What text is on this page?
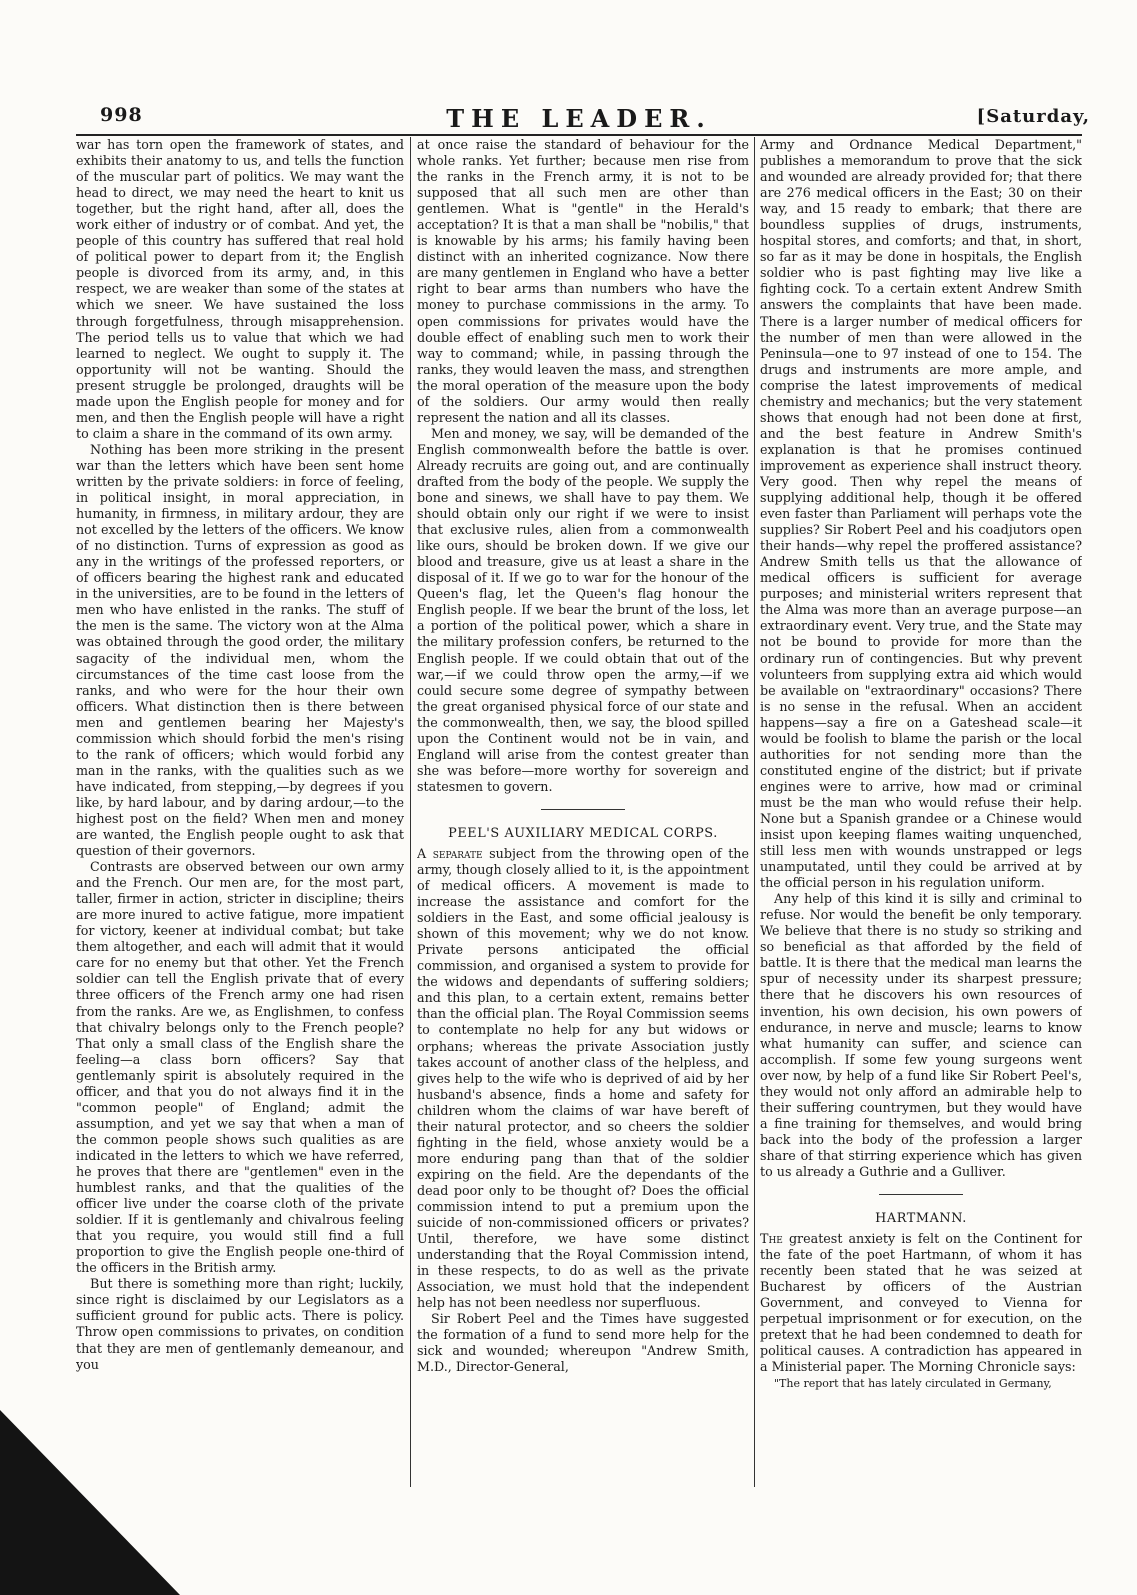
998	THE LEADER.	[Saturday,

war has torn open the framework of states, and exhibits their anatomy to us, and tells the function of the muscular part of politics. We may want the head to direct, we may need the heart to knit us together, but the right hand, after all, does the work either of industry or of combat. And yet, the people of this country has suffered that real hold of political power to depart from it; the English people is divorced from its army, and, in this respect, we are weaker than some of the states at which we sneer. We have sustained the loss through forgetfulness, through misapprehension. The period tells us to value that which we had learned to neglect. We ought to supply it. The opportunity will not be wanting. Should the present struggle be prolonged, draughts will be made upon the English people for money and for men, and then the English people will have a right to claim a share in the command of its own army.

Nothing has been more striking in the present war than the letters which have been sent home written by the private soldiers: in force of feeling, in political insight, in moral appreciation, in humanity, in firmness, in military ardour, they are not excelled by the letters of the officers. We know of no distinction. Turns of expression as good as any in the writings of the professed reporters, or of officers bearing the highest rank and educated in the universities, are to be found in the letters of men who have enlisted in the ranks. The stuff of the men is the same. The victory won at the Alma was obtained through the good order, the military sagacity of the individual men, whom the circumstances of the time cast loose from the ranks, and who were for the hour their own officers. What distinction then is there between men and gentlemen bearing her Majesty's commission which should forbid the men's rising to the rank of officers; which would forbid any man in the ranks, with the qualities such as we have indicated, from stepping,—by degrees if you like, by hard labour, and by daring ardour,—to the highest post on the field? When men and money are wanted, the English people ought to ask that question of their governors.

Contrasts are observed between our own army and the French. Our men are, for the most part, taller, firmer in action, stricter in discipline; theirs are more inured to active fatigue, more impatient for victory, keener at individual combat; but take them altogether, and each will admit that it would care for no enemy but that other. Yet the French soldier can tell the English private that of every three officers of the French army one had risen from the ranks. Are we, as Englishmen, to confess that chivalry belongs only to the French people? That only a small class of the English share the feeling—a class born officers? Say that gentlemanly spirit is absolutely required in the officer, and that you do not always find it in the "common people" of England; admit the assumption, and yet we say that when a man of the common people shows such qualities as are indicated in the letters to which we have referred, he proves that there are "gentlemen" even in the humblest ranks, and that the qualities of the officer live under the coarse cloth of the private soldier. If it is gentlemanly and chivalrous feeling that you require, you would still find a full proportion to give the English people one-third of the officers in the British army.

But there is something more than right; luckily, since right is disclaimed by our Legislators as a sufficient ground for public acts. There is policy. Throw open commissions to privates, on condition that they are men of gentlemanly demeanour, and you

at once raise the standard of behaviour for the whole ranks. Yet further; because men rise from the ranks in the French army, it is not to be supposed that all such men are other than gentlemen. What is "gentle" in the Herald's acceptation? It is that a man shall be "nobilis," that is knowable by his arms; his family having been distinct with an inherited cognizance. Now there are many gentlemen in England who have a better right to bear arms than numbers who have the money to purchase commissions in the army. To open commissions for privates would have the double effect of enabling such men to work their way to command; while, in passing through the ranks, they would leaven the mass, and strengthen the moral operation of the measure upon the body of the soldiers. Our army would then really represent the nation and all its classes.

Men and money, we say, will be demanded of the English commonwealth before the battle is over. Already recruits are going out, and are continually drafted from the body of the people. We supply the bone and sinews, we shall have to pay them. We should obtain only our right if we were to insist that exclusive rules, alien from a commonwealth like ours, should be broken down. If we give our blood and treasure, give us at least a share in the disposal of it. If we go to war for the honour of the Queen's flag, let the Queen's flag honour the English people. If we bear the brunt of the loss, let a portion of the political power, which a share in the military profession confers, be returned to the English people. If we could obtain that out of the war,—if we could throw open the army,—if we could secure some degree of sympathy between the great organised physical force of our state and the commonwealth, then, we say, the blood spilled upon the Continent would not be in vain, and England will arise from the contest greater than she was before—more worthy for sovereign and statesmen to govern.

PEEL'S AUXILIARY MEDICAL CORPS.

A separate subject from the throwing open of the army, though closely allied to it, is the appointment of medical officers. A movement is made to increase the assistance and comfort for the soldiers in the East, and some official jealousy is shown of this movement; why we do not know. Private persons anticipated the official commission, and organised a system to provide for the widows and dependants of suffering soldiers; and this plan, to a certain extent, remains better than the official plan. The Royal Commission seems to contemplate no help for any but widows or orphans; whereas the private Association justly takes account of another class of the helpless, and gives help to the wife who is deprived of aid by her husband's absence, finds a home and safety for children whom the claims of war have bereft of their natural protector, and so cheers the soldier fighting in the field, whose anxiety would be a more enduring pang than that of the soldier expiring on the field. Are the dependants of the dead poor only to be thought of? Does the official commission intend to put a premium upon the suicide of non-commissioned officers or privates? Until, therefore, we have some distinct understanding that the Royal Commission intend, in these respects, to do as well as the private Association, we must hold that the independent help has not been needless nor superfluous.

Sir Robert Peel and the Times have suggested the formation of a fund to send more help for the sick and wounded; whereupon "Andrew Smith, M.D., Director-General,

Army and Ordnance Medical Department," publishes a memorandum to prove that the sick and wounded are already provided for; that there are 276 medical officers in the East; 30 on their way, and 15 ready to embark; that there are boundless supplies of drugs, instruments, hospital stores, and comforts; and that, in short, so far as it may be done in hospitals, the English soldier who is past fighting may live like a fighting cock. To a certain extent Andrew Smith answers the complaints that have been made. There is a larger number of medical officers for the number of men than were allowed in the Peninsula—one to 97 instead of one to 154. The drugs and instruments are more ample, and comprise the latest improvements of medical chemistry and mechanics; but the very statement shows that enough had not been done at first, and the best feature in Andrew Smith's explanation is that he promises continued improvement as experience shall instruct theory. Very good. Then why repel the means of supplying additional help, though it be offered even faster than Parliament will perhaps vote the supplies? Sir Robert Peel and his coadjutors open their hands—why repel the proffered assistance? Andrew Smith tells us that the allowance of medical officers is sufficient for average purposes; and ministerial writers represent that the Alma was more than an average purpose—an extraordinary event. Very true, and the State may not be bound to provide for more than the ordinary run of contingencies. But why prevent volunteers from supplying extra aid which would be available on "extraordinary" occasions? There is no sense in the refusal. When an accident happens—say a fire on a Gateshead scale—it would be foolish to blame the parish or the local authorities for not sending more than the constituted engine of the district; but if private engines were to arrive, how mad or criminal must be the man who would refuse their help. None but a Spanish grandee or a Chinese would insist upon keeping flames waiting unquenched, still less men with wounds unstrapped or legs unamputated, until they could be arrived at by the official person in his regulation uniform.

Any help of this kind it is silly and criminal to refuse. Nor would the benefit be only temporary. We believe that there is no study so striking and so beneficial as that afforded by the field of battle. It is there that the medical man learns the spur of necessity under its sharpest pressure; there that he discovers his own resources of invention, his own decision, his own powers of endurance, in nerve and muscle; learns to know what humanity can suffer, and science can accomplish. If some few young surgeons went over now, by help of a fund like Sir Robert Peel's, they would not only afford an admirable help to their suffering countrymen, but they would have a fine training for themselves, and would bring back into the body of the profession a larger share of that stirring experience which has given to us already a Guthrie and a Gulliver.

HARTMANN.

The greatest anxiety is felt on the Continent for the fate of the poet Hartmann, of whom it has recently been stated that he was seized at Bucharest by officers of the Austrian Government, and conveyed to Vienna for perpetual imprisonment or for execution, on the pretext that he had been condemned to death for political causes. A contradiction has appeared in a Ministerial paper. The Morning Chronicle says:

"The report that has lately circulated in Germany,
